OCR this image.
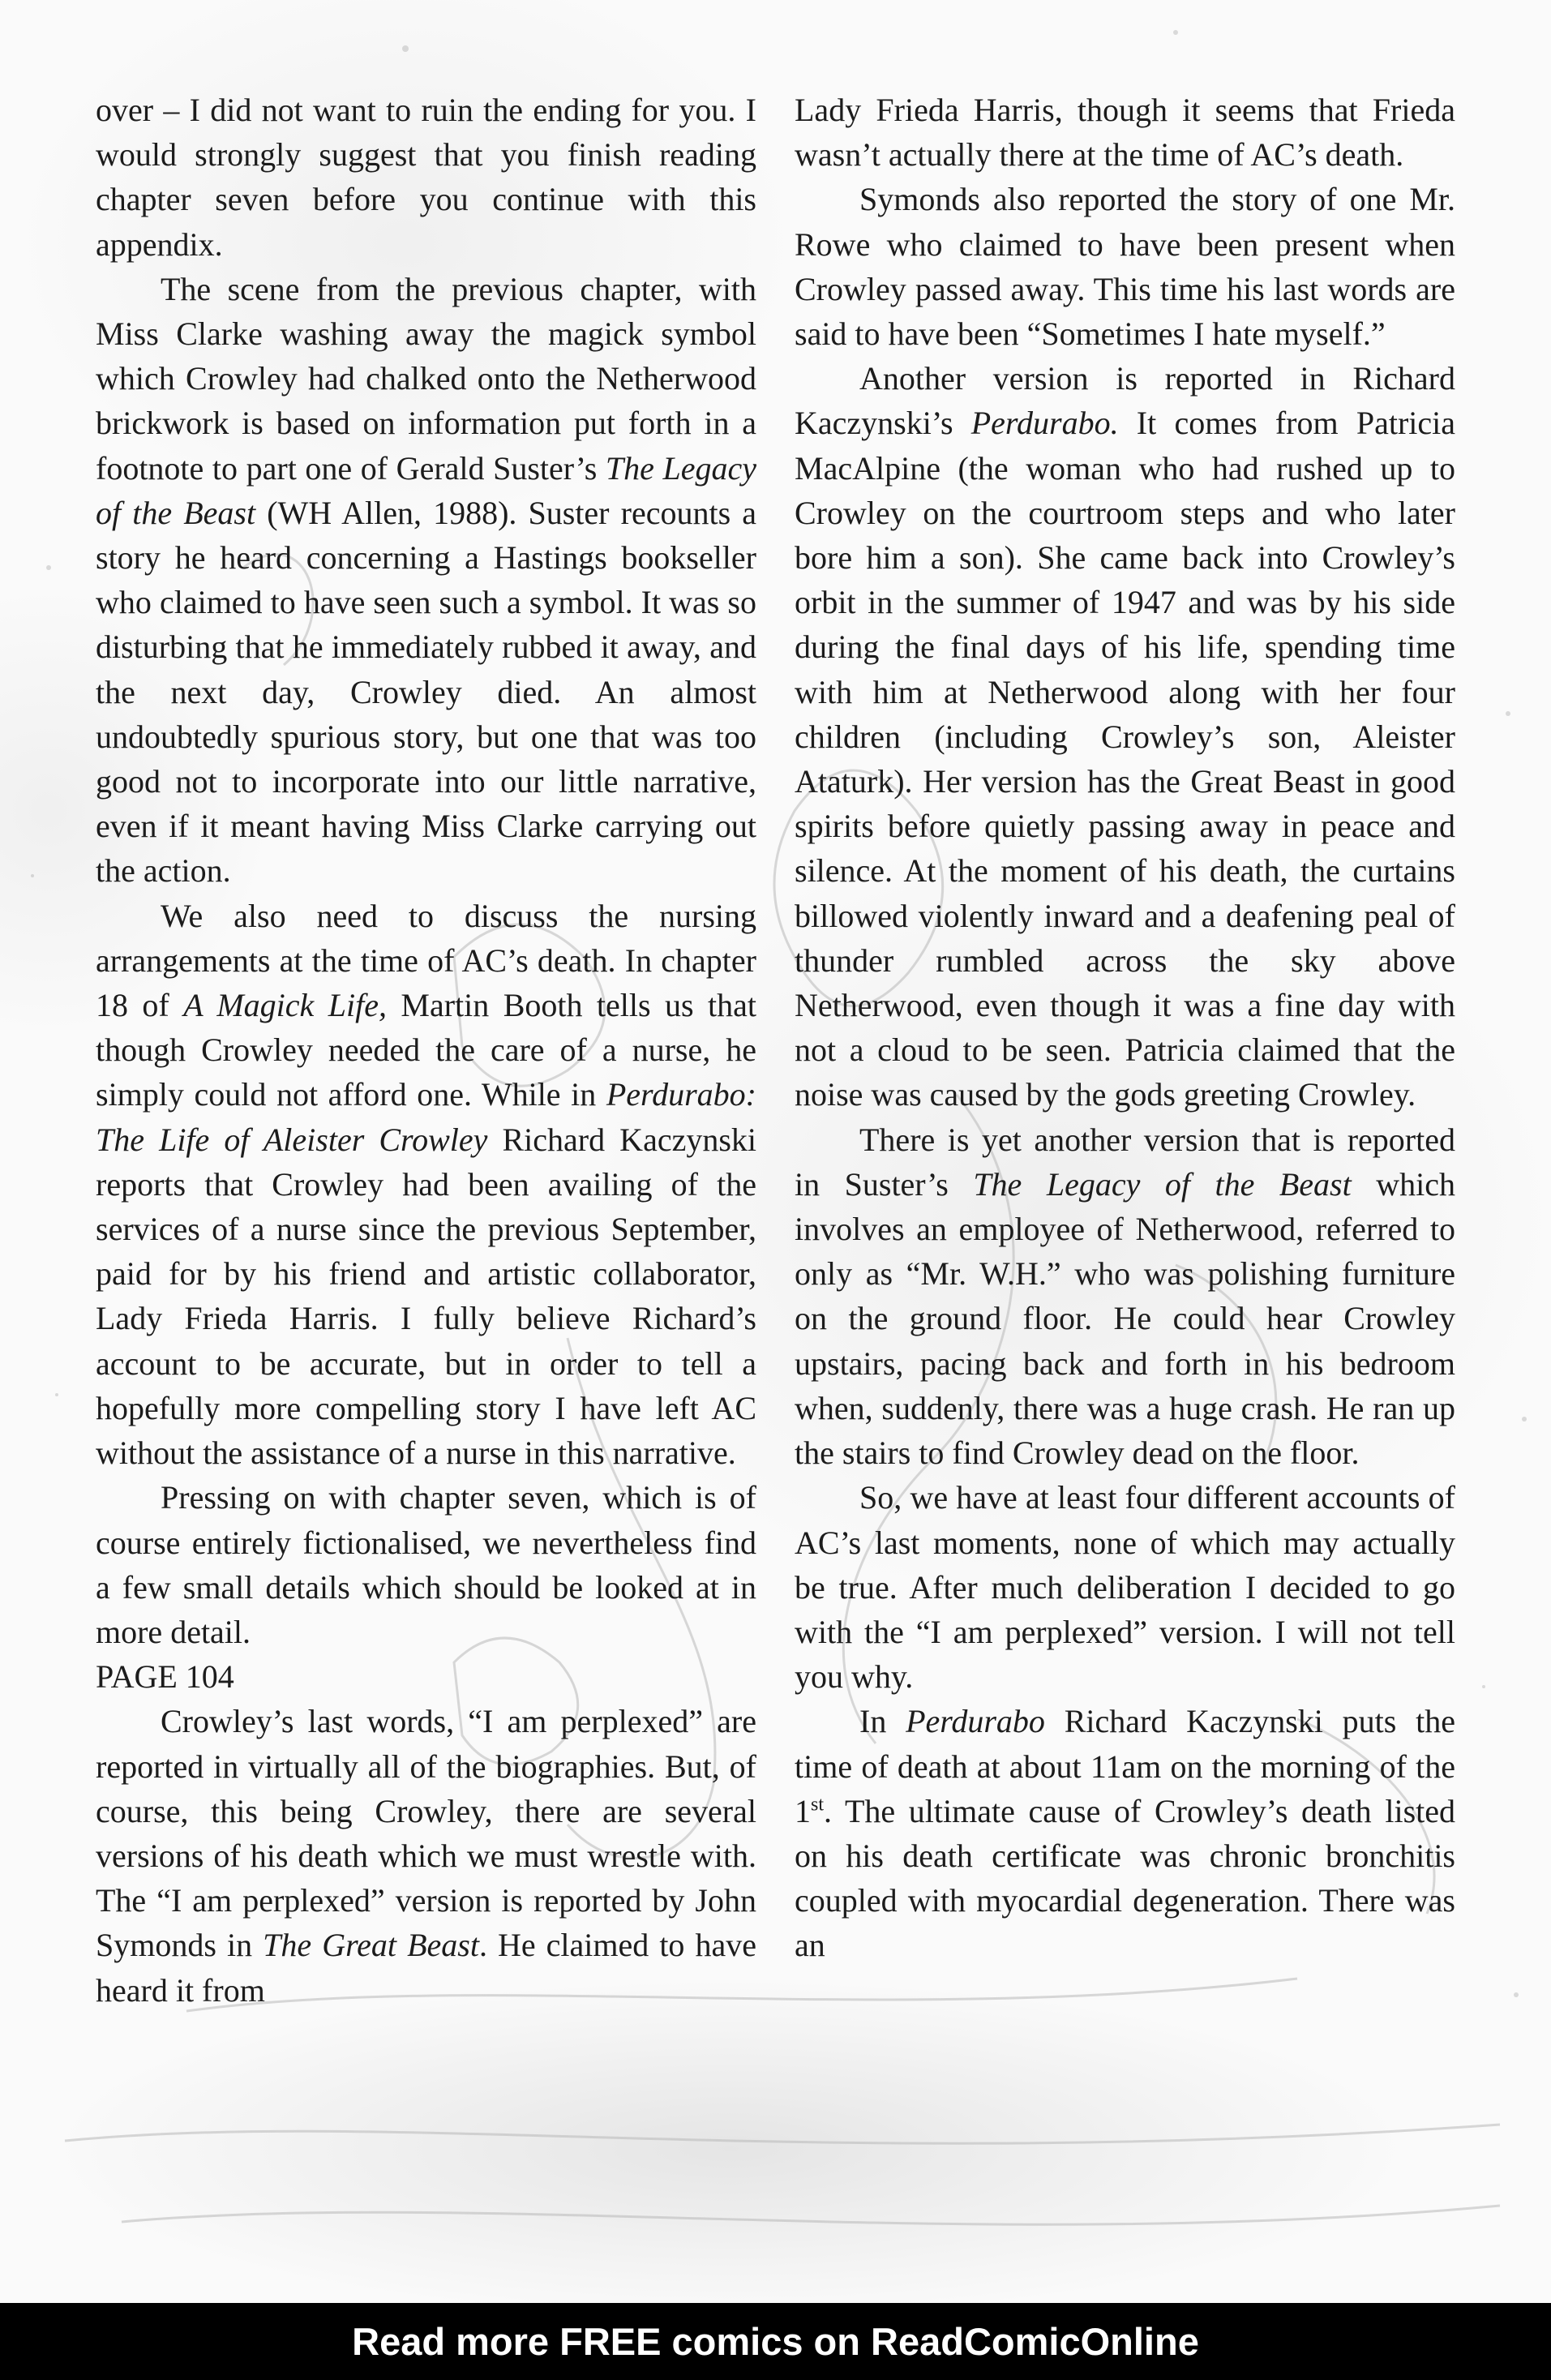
over – I did not want to ruin the ending for you. I would strongly suggest that you finish reading chapter seven before you continue with this appendix.

The scene from the previous chapter, with Miss Clarke washing away the magick symbol which Crowley had chalked onto the Netherwood brickwork is based on information put forth in a footnote to part one of Gerald Suster’s The Legacy of the Beast (WH Allen, 1988). Suster recounts a story he heard concerning a Hastings bookseller who claimed to have seen such a symbol. It was so disturbing that he immediately rubbed it away, and the next day, Crowley died. An almost undoubtedly spurious story, but one that was too good not to incorporate into our little narrative, even if it meant having Miss Clarke carrying out the action.

We also need to discuss the nursing arrangements at the time of AC’s death. In chapter 18 of A Magick Life, Martin Booth tells us that though Crowley needed the care of a nurse, he simply could not afford one. While in Perdurabo: The Life of Aleister Crowley Richard Kaczynski reports that Crowley had been availing of the services of a nurse since the previous September, paid for by his friend and artistic collaborator, Lady Frieda Harris. I fully believe Richard’s account to be accurate, but in order to tell a hopefully more compelling story I have left AC without the assistance of a nurse in this narrative.

Pressing on with chapter seven, which is of course entirely fictionalised, we nevertheless find a few small details which should be looked at in more detail.

PAGE 104

Crowley’s last words, “I am perplexed” are reported in virtually all of the biographies. But, of course, this being Crowley, there are several versions of his death which we must wrestle with. The “I am perplexed” version is reported by John Symonds in The Great Beast. He claimed to have heard it from

Lady Frieda Harris, though it seems that Frieda wasn’t actually there at the time of AC’s death.

Symonds also reported the story of one Mr. Rowe who claimed to have been present when Crowley passed away. This time his last words are said to have been “Sometimes I hate myself.”

Another version is reported in Richard Kaczynski’s Perdurabo. It comes from Patricia MacAlpine (the woman who had rushed up to Crowley on the courtroom steps and who later bore him a son). She came back into Crowley’s orbit in the summer of 1947 and was by his side during the final days of his life, spending time with him at Netherwood along with her four children (including Crowley’s son, Aleister Ataturk). Her version has the Great Beast in good spirits before quietly passing away in peace and silence. At the moment of his death, the curtains billowed violently inward and a deafening peal of thunder rumbled across the sky above Netherwood, even though it was a fine day with not a cloud to be seen. Patricia claimed that the noise was caused by the gods greeting Crowley.

There is yet another version that is reported in Suster’s The Legacy of the Beast which involves an employee of Netherwood, referred to only as “Mr. W.H.” who was polishing furniture on the ground floor. He could hear Crowley upstairs, pacing back and forth in his bedroom when, suddenly, there was a huge crash. He ran up the stairs to find Crowley dead on the floor.

So, we have at least four different accounts of AC’s last moments, none of which may actually be true. After much deliberation I decided to go with the “I am perplexed” version. I will not tell you why.

In Perdurabo Richard Kaczynski puts the time of death at about 11am on the morning of the 1st. The ultimate cause of Crowley’s death listed on his death certificate was chronic bronchitis coupled with myocardial degeneration. There was an

Read more FREE comics on ReadComicOnline
